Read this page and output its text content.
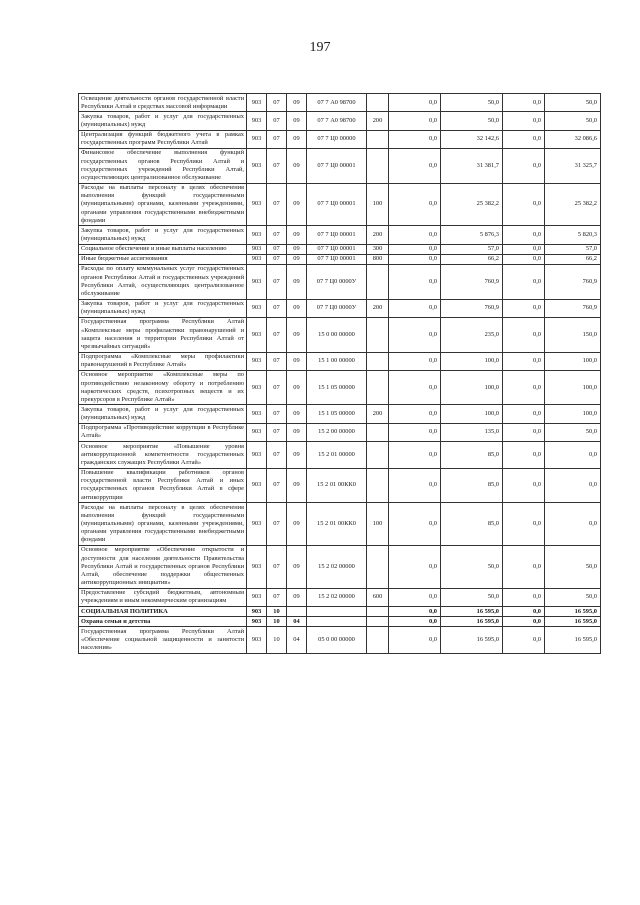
197
Освещение деятельности органов государственной власти Республики Алтай в средствах массовой информации	903	07	09	07 7 А0 98700		0,0	50,0	0,0	50,0
Закупка товаров, работ и услуг для государственных (муниципальных) нужд	903	07	09	07 7 А0 98700	200	0,0	50,0	0,0	50,0
Централизация функций бюджетного учета в рамках государственных программ Республики Алтай	903	07	09	07 7 Ц0 00000		0,0	32 142,6	0,0	32 086,6
Финансовое обеспечение выполнения функций государственных органов Республики Алтай и государственных учреждений Республики Алтай, осуществляющих централизованное обслуживание	903	07	09	07 7 Ц0 00001		0,0	31 381,7	0,0	31 325,7
Расходы на выплаты персоналу в целях обеспечения выполнения функций государственными (муниципальными) органами, казенными учреждениями, органами управления государственными внебюджетными фондами	903	07	09	07 7 Ц0 00001	100	0,0	25 382,2	0,0	25 382,2
Закупка товаров, работ и услуг для государственных (муниципальных) нужд	903	07	09	07 7 Ц0 00001	200	0,0	5 876,3	0,0	5 820,3
Социальное обеспечение и иные выплаты населению	903	07	09	07 7 Ц0 00001	300	0,0	57,0	0,0	57,0
Иные бюджетные ассигнования	903	07	09	07 7 Ц0 00001	800	0,0	66,2	0,0	66,2
Расходы по оплату коммунальных услуг государственных органов Республики Алтай и государственных учреждений Республики Алтай, осуществляющих централизованное обслуживание	903	07	09	07 7 Ц0 0000У		0,0	760,9	0,0	760,9
Закупка товаров, работ и услуг для государственных (муниципальных) нужд	903	07	09	07 7 Ц0 0000У	200	0,0	760,9	0,0	760,9
Государственная программа Республики Алтай «Комплексные меры профилактики правонарушений и защита населения и территории Республики Алтай от чрезвычайных ситуаций»	903	07	09	15 0 00 00000		0,0	235,0	0,0	150,0
Подпрограмма «Комплексные меры профилактики правонарушений в Республике Алтай»	903	07	09	15 1 00 00000		0,0	100,0	0,0	100,0
Основное мероприятие «Комплексные меры по противодействию незаконному обороту и потреблению наркотических средств, психотропных веществ и их прекурсоров в Республике Алтай»	903	07	09	15 1 05 00000		0,0	100,0	0,0	100,0
Закупка товаров, работ и услуг для государственных (муниципальных) нужд	903	07	09	15 1 05 00000	200	0,0	100,0	0,0	100,0
Подпрограмма «Противодействие коррупции в Республике Алтай»	903	07	09	15 2 00 00000		0,0	135,0	0,0	50,0
Основное мероприятие «Повышение уровня антикоррупционной компетентности государственных гражданских служащих Республики Алтай»	903	07	09	15 2 01 00000		0,0	85,0	0,0	0,0
Повышение квалификации работников органов государственной власти Республики Алтай и иных государственных органов Республики Алтай в сфере антикоррупции	903	07	09	15 2 01 00КК0		0,0	85,0	0,0	0,0
Расходы на выплаты персоналу в целях обеспечения выполнения функций государственными (муниципальными) органами, казенными учреждениями, органами управления государственными внебюджетными фондами	903	07	09	15 2 01 00КК0	100	0,0	85,0	0,0	0,0
Основное мероприятие «Обеспечение открытости и доступности для населения деятельности Правительства Республики Алтай и государственных органов Республики Алтай, обеспечение поддержки общественных антикоррупционных инициатив»	903	07	09	15 2 02 00000		0,0	50,0	0,0	50,0
Предоставление субсидий бюджетным, автономным учреждениям и иным некоммерческим организациям	903	07	09	15 2 02 00000	600	0,0	50,0	0,0	50,0
СОЦИАЛЬНАЯ ПОЛИТИКА	903	10				0,0	16 595,0	0,0	16 595,0
Охрана семьи и детства	903	10	04			0,0	16 595,0	0,0	16 595,0
Государственная программа Республики Алтай «Обеспечение социальной защищенности и занятости населения»	903	10	04	05 0 00 00000		0,0	16 595,0	0,0	16 595,0
